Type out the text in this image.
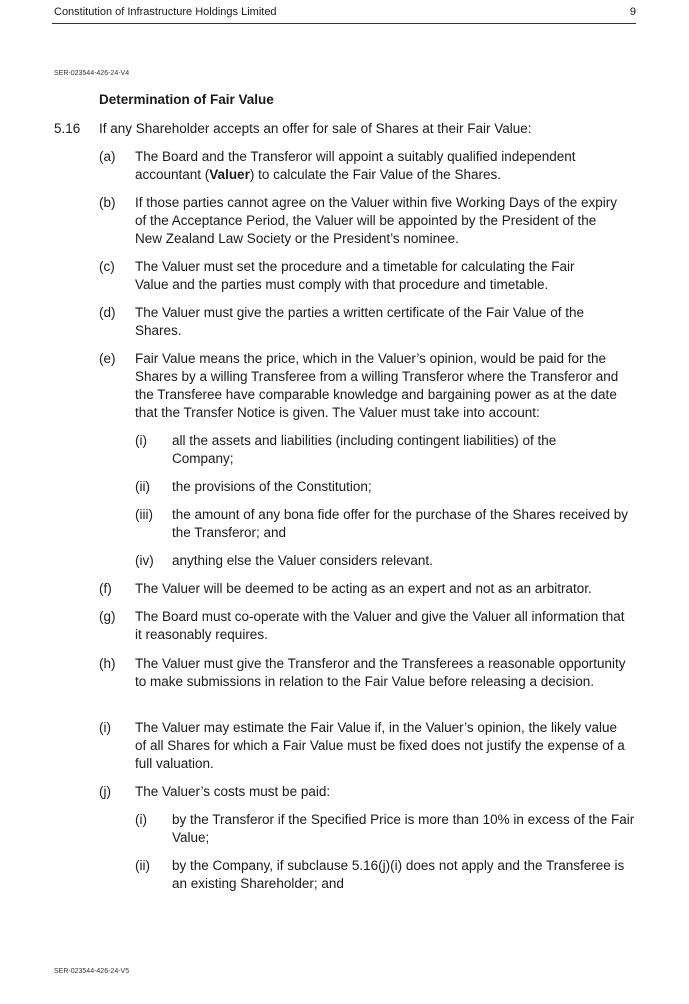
Constitution of Infrastructure Holdings Limited	9
SER-023544-426-24-V4
Determination of Fair Value
5.16 If any Shareholder accepts an offer for sale of Shares at their Fair Value:

(a) The Board and the Transferor will appoint a suitably qualified independent accountant (Valuer) to calculate the Fair Value of the Shares.

(b) If those parties cannot agree on the Valuer within five Working Days of the expiry of the Acceptance Period, the Valuer will be appointed by the President of the New Zealand Law Society or the President’s nominee.

(c) The Valuer must set the procedure and a timetable for calculating the Fair Value and the parties must comply with that procedure and timetable.

(d) The Valuer must give the parties a written certificate of the Fair Value of the Shares.

(e) Fair Value means the price, which in the Valuer’s opinion, would be paid for the Shares by a willing Transferee from a willing Transferor where the Transferor and the Transferee have comparable knowledge and bargaining power as at the date that the Transfer Notice is given. The Valuer must take into account:

(i) all the assets and liabilities (including contingent liabilities) of the Company;

(ii) the provisions of the Constitution;

(iii) the amount of any bona fide offer for the purchase of the Shares received by the Transferor; and

(iv) anything else the Valuer considers relevant.

(f) The Valuer will be deemed to be acting as an expert and not as an arbitrator.

(g) The Board must co-operate with the Valuer and give the Valuer all information that it reasonably requires.

(h) The Valuer must give the Transferor and the Transferees a reasonable opportunity to make submissions in relation to the Fair Value before releasing a decision.

(i) The Valuer may estimate the Fair Value if, in the Valuer’s opinion, the likely value of all Shares for which a Fair Value must be fixed does not justify the expense of a full valuation.

(j) The Valuer’s costs must be paid:

(i) by the Transferor if the Specified Price is more than 10% in excess of the Fair Value;

(ii) by the Company, if subclause 5.16(j)(i) does not apply and the Transferee is an existing Shareholder; and

SER-023544-426-24-V5
